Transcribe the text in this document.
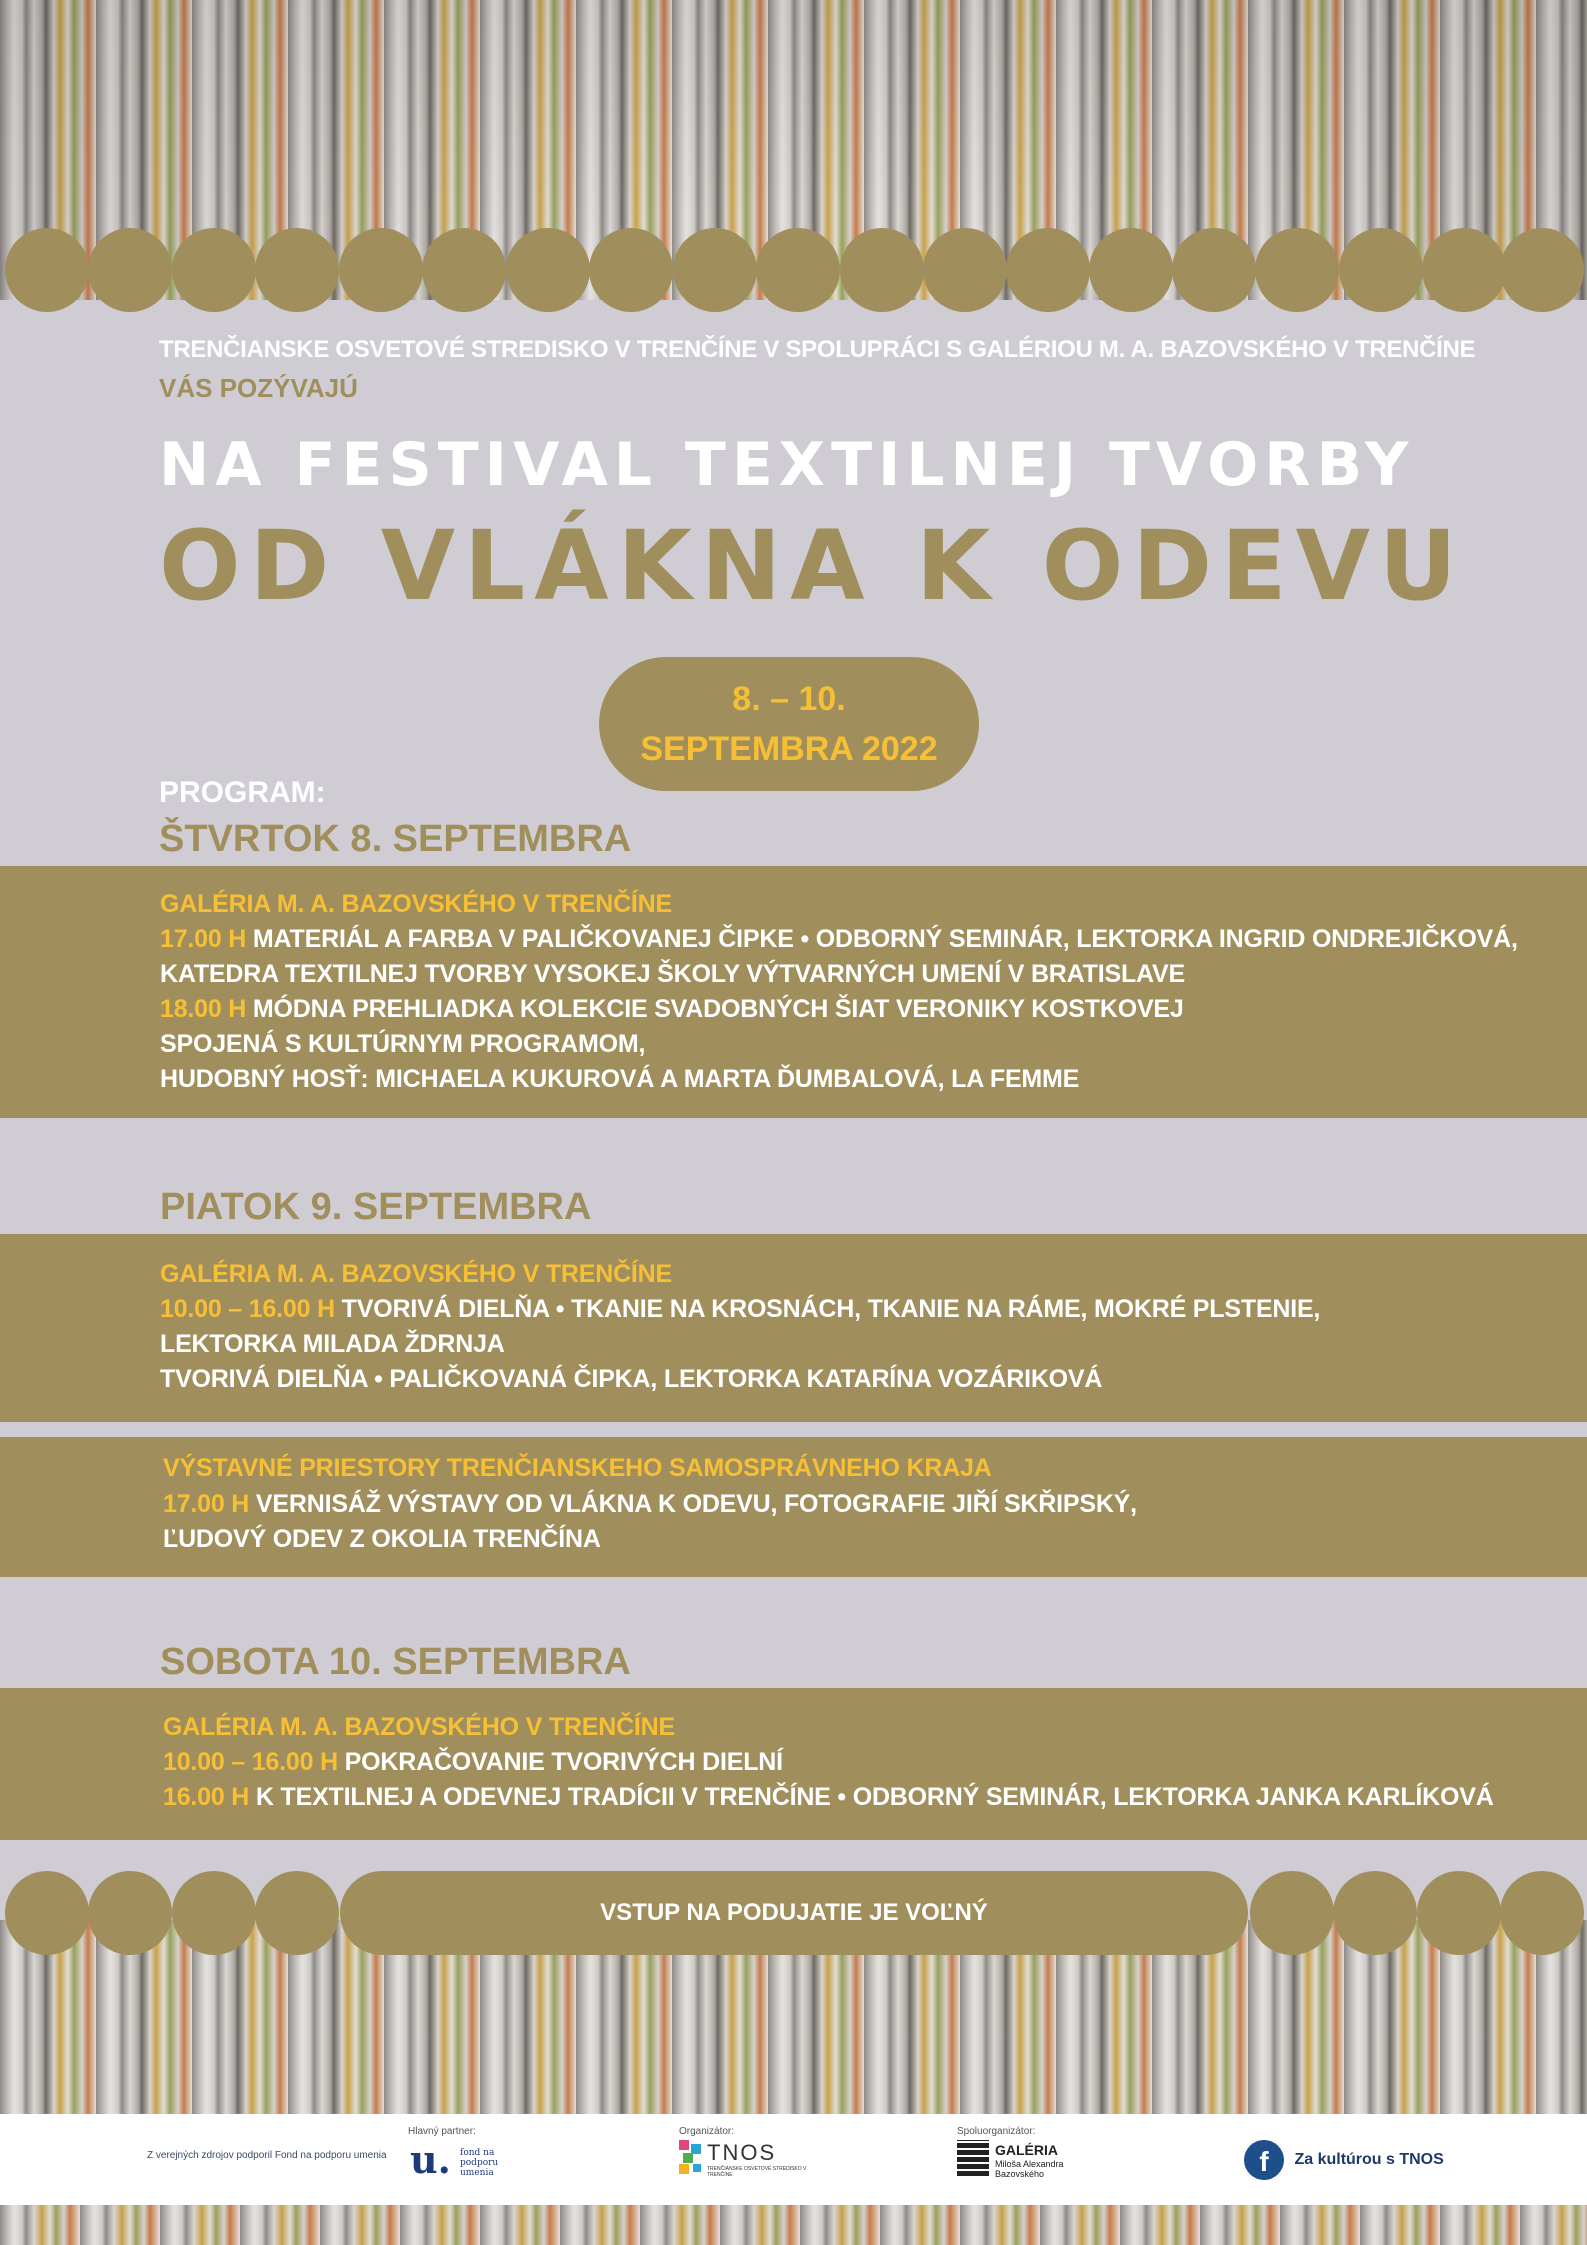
TRENČIANSKE OSVETOVÉ STREDISKO V TRENČÍNE V SPOLUPRÁCI S GALÉRIOU M. A. BAZOVSKÉHO V TRENČÍNE
VÁS POZÝVAJÚ
NA FESTIVAL TEXTILNEJ TVORBY
OD VLÁKNA K ODEVU
8. – 10.
SEPTEMBRA 2022
PROGRAM:
ŠTVRTOK 8. SEPTEMBRA
GALÉRIA M. A. BAZOVSKÉHO V TRENČÍNE
17.00 H MATERIÁL A FARBA V PALIČKOVANEJ ČIPKE • ODBORNÝ SEMINÁR, LEKTORKA INGRID ONDREJIČKOVÁ,
KATEDRA TEXTILNEJ TVORBY VYSOKEJ ŠKOLY VÝTVARNÝCH UMENÍ V BRATISLAVE
18.00 H MÓDNA PREHLIADKA KOLEKCIE SVADOBNÝCH ŠIAT VERONIKY KOSTKOVEJ
SPOJENÁ S KULTÚRNYM PROGRAMOM,
HUDOBNÝ HOSŤ: MICHAELA KUKUROVÁ A MARTA ĎUMBALOVÁ, LA FEMME
PIATOK 9. SEPTEMBRA
GALÉRIA M. A. BAZOVSKÉHO V TRENČÍNE
10.00 – 16.00 H TVORIVÁ DIELŇA • TKANIE NA KROSNÁCH, TKANIE NA RÁME, MOKRÉ PLSTENIE,
LEKTORKA MILADA ŽDRNJA
TVORIVÁ DIELŇA • PALIČKOVANÁ ČIPKA, LEKTORKA KATARÍNA VOZÁRIKOVÁ
VÝSTAVNÉ PRIESTORY TRENČIANSKEHO SAMOSPRÁVNEHO KRAJA
17.00 H VERNISÁŽ VÝSTAVY OD VLÁKNA K ODEVU, FOTOGRAFIE JIŘÍ SKŘIPSKÝ,
ĽUDOVÝ ODEV Z OKOLIA TRENČÍNA
SOBOTA 10. SEPTEMBRA
GALÉRIA M. A. BAZOVSKÉHO V TRENČÍNE
10.00 – 16.00 H POKRAČOVANIE TVORIVÝCH DIELNÍ
16.00 H K TEXTILNEJ A ODEVNEJ TRADÍCII V TRENČÍNE • ODBORNÝ SEMINÁR, LEKTORKA JANKA KARLÍKOVÁ
VSTUP NA PODUJATIE JE VOĽNÝ
Z verejných zdrojov podporil Fond na podporu umenia
Hlavný partner:
u. fond na podporu umenia
Organizátor:
TNOS
TRENČIANSKE OSVETOVÉ STREDISKO V TRENČÍNE
Spoluorganizátor:
GALÉRIA
Miloša Alexandra Bazovského	f Za kultúrou s TNOS
